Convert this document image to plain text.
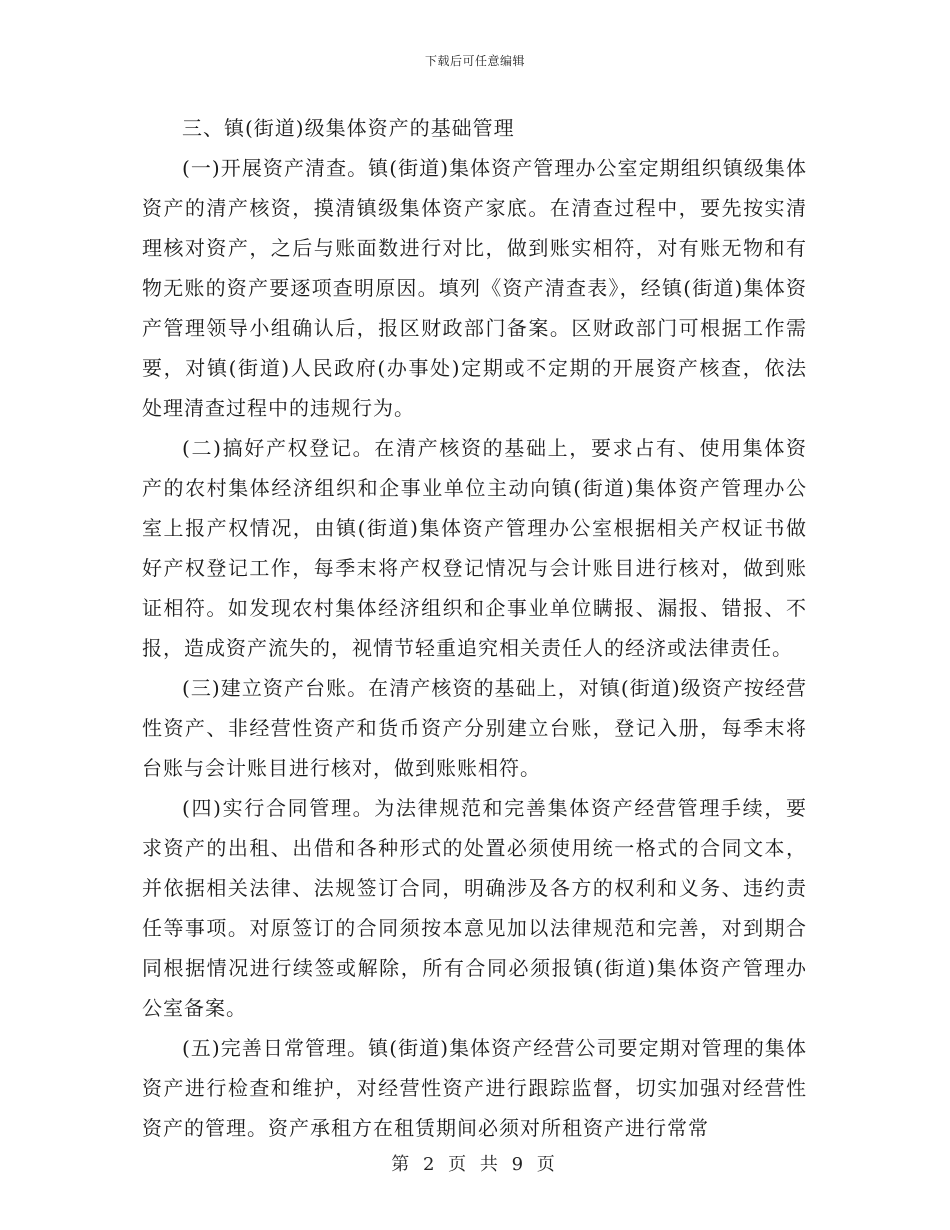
下载后可任意编辑

三、镇(街道)级集体资产的基础管理

(一)开展资产清查。镇(街道)集体资产管理办公室定期组织镇级集体资产的清产核资，摸清镇级集体资产家底。在清查过程中，要先按实清理核对资产，之后与账面数进行对比，做到账实相符，对有账无物和有物无账的资产要逐项查明原因。填列《资产清查表》，经镇(街道)集体资产管理领导小组确认后，报区财政部门备案。区财政部门可根据工作需要，对镇(街道)人民政府(办事处)定期或不定期的开展资产核查，依法处理清查过程中的违规行为。

(二)搞好产权登记。在清产核资的基础上，要求占有、使用集体资产的农村集体经济组织和企事业单位主动向镇(街道)集体资产管理办公室上报产权情况，由镇(街道)集体资产管理办公室根据相关产权证书做好产权登记工作，每季末将产权登记情况与会计账目进行核对，做到账证相符。如发现农村集体经济组织和企事业单位瞒报、漏报、错报、不报，造成资产流失的，视情节轻重追究相关责任人的经济或法律责任。

(三)建立资产台账。在清产核资的基础上，对镇(街道)级资产按经营性资产、非经营性资产和货币资产分别建立台账，登记入册，每季末将台账与会计账目进行核对，做到账账相符。

(四)实行合同管理。为法律规范和完善集体资产经营管理手续，要求资产的出租、出借和各种形式的处置必须使用统一格式的合同文本，并依据相关法律、法规签订合同，明确涉及各方的权利和义务、违约责任等事项。对原签订的合同须按本意见加以法律规范和完善，对到期合同根据情况进行续签或解除，所有合同必须报镇(街道)集体资产管理办公室备案。

(五)完善日常管理。镇(街道)集体资产经营公司要定期对管理的集体资产进行检查和维护，对经营性资产进行跟踪监督，切实加强对经营性资产的管理。资产承租方在租赁期间必须对所租资产进行常常

第 2 页 共 9 页
